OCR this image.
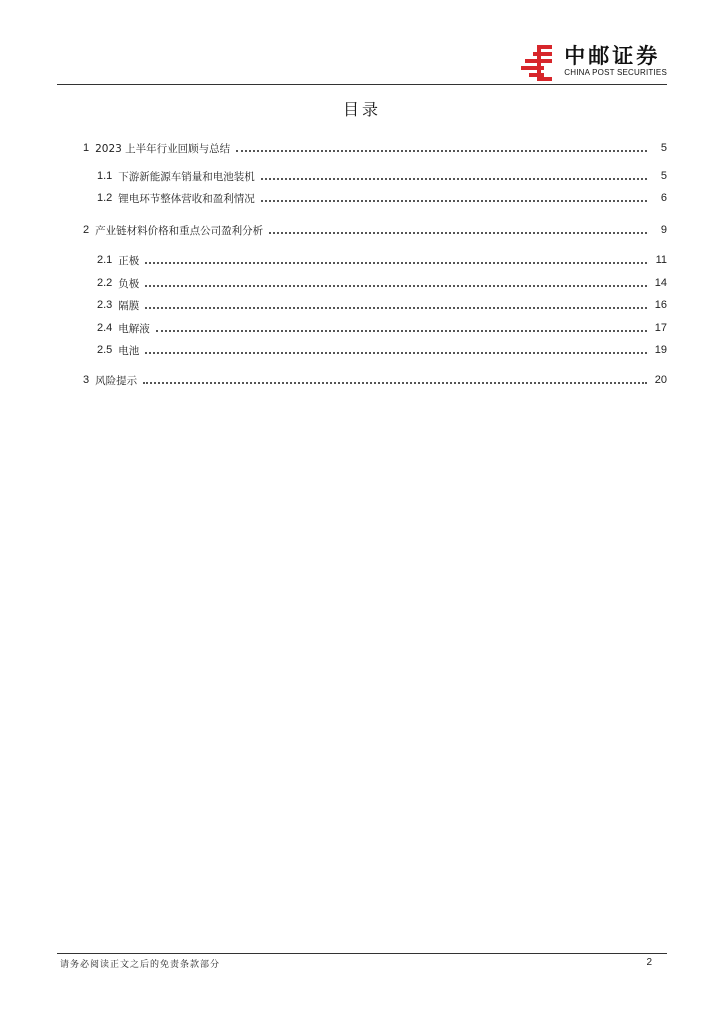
中邮证券
CHINA POST SECURITIES
目录
1 2023 上半年行业回顾与总结	5
1.1 下游新能源车销量和电池装机	5
1.2 锂电环节整体营收和盈利情况	6
2 产业链材料价格和重点公司盈利分析	9
2.1 正极	11
2.2 负极	14
2.3 隔膜	16
2.4 电解液	17
2.5 电池	19
3 风险提示	20
请务必阅读正文之后的免责条款部分	2
